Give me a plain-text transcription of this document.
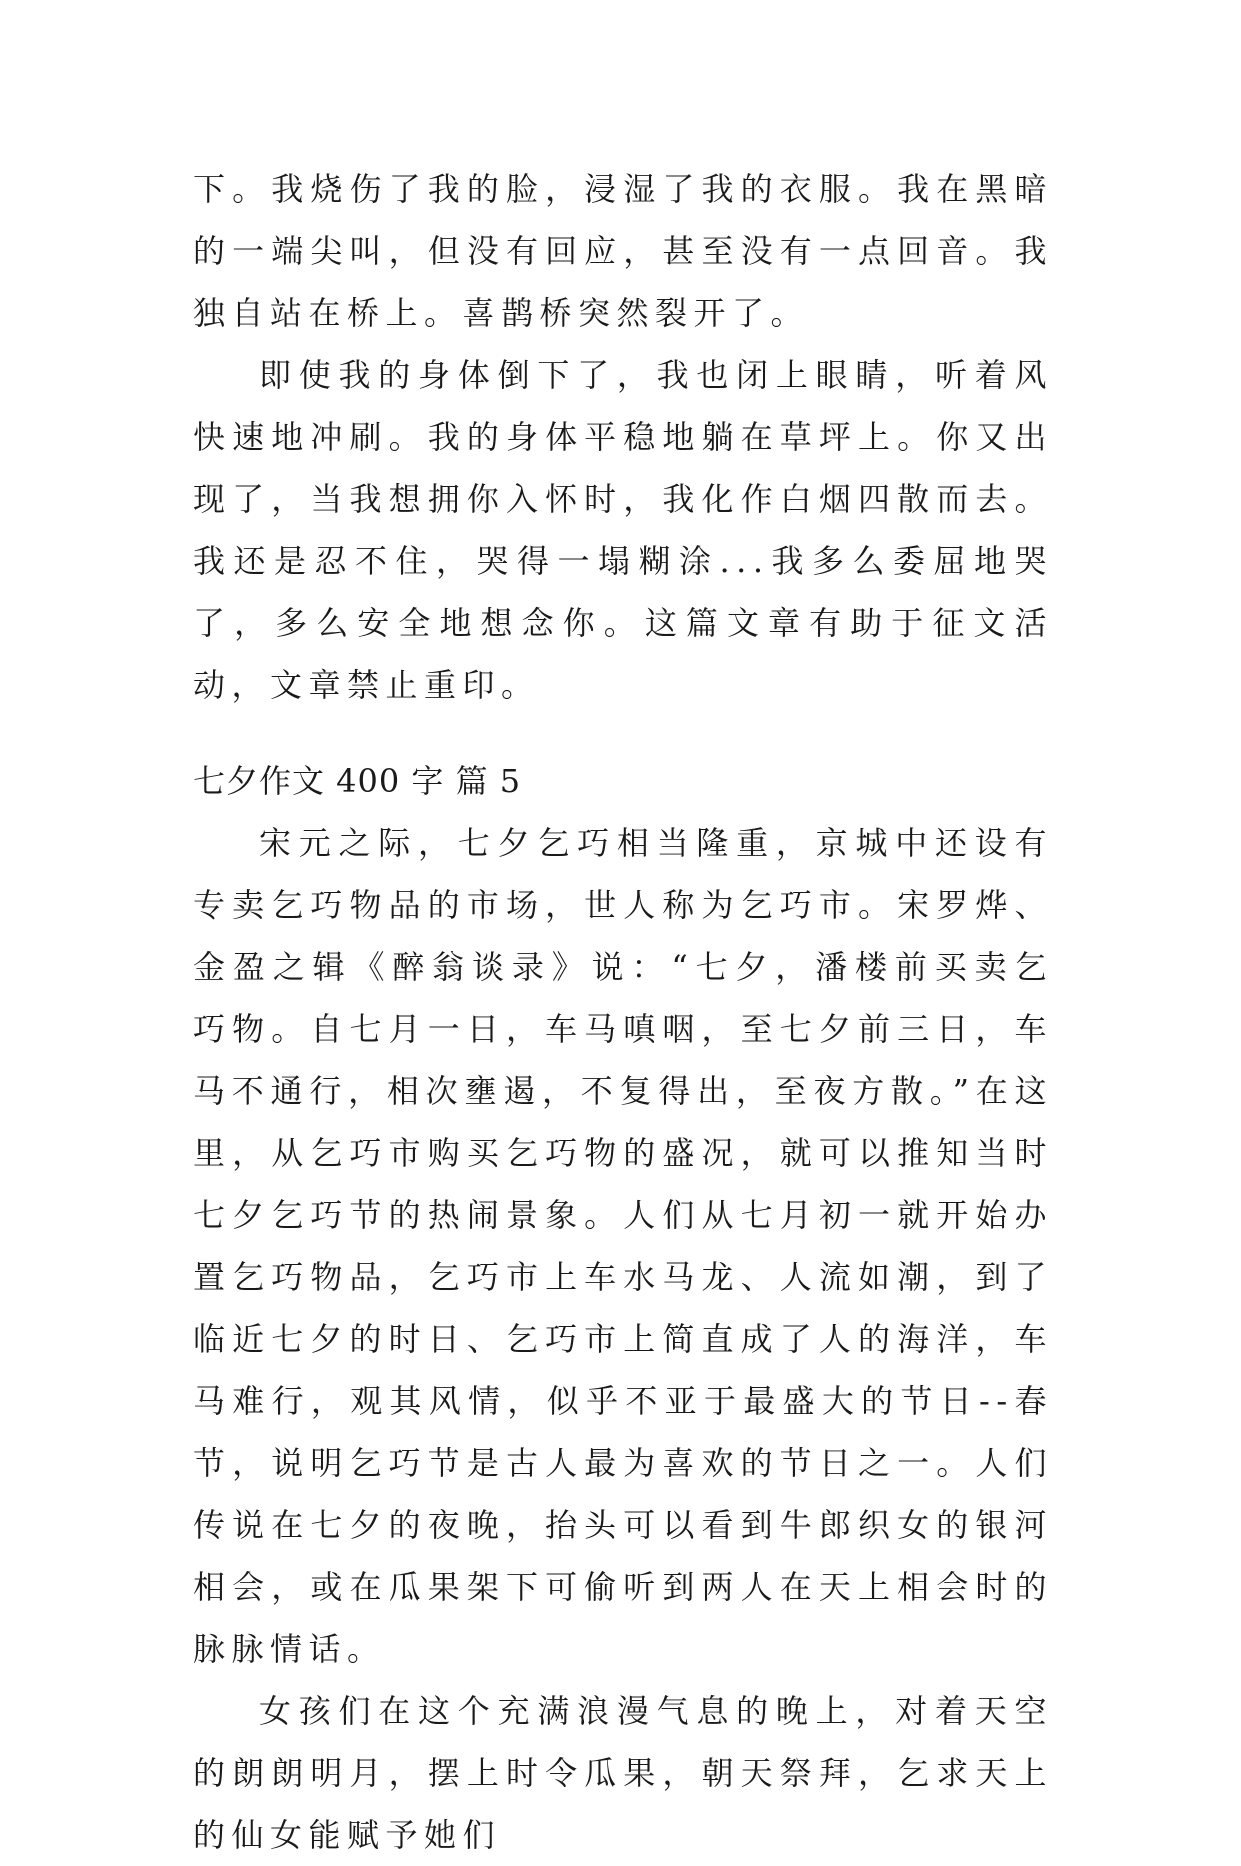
下。我烧伤了我的脸，浸湿了我的衣服。我在黑暗的一端尖叫，但没有回应，甚至没有一点回音。我独自站在桥上。喜鹊桥突然裂开了。

即使我的身体倒下了，我也闭上眼睛，听着风快速地冲刷。我的身体平稳地躺在草坪上。你又出现了，当我想拥你入怀时，我化作白烟四散而去。我还是忍不住，哭得一塌糊涂...我多么委屈地哭了，多么安全地想念你。这篇文章有助于征文活动，文章禁止重印。

七夕作文 400 字 篇 5

宋元之际，七夕乞巧相当隆重，京城中还设有专卖乞巧物品的市场，世人称为乞巧市。宋罗烨、金盈之辑《醉翁谈录》说：“七夕，潘楼前买卖乞巧物。自七月一日，车马嗔咽，至七夕前三日，车马不通行，相次壅遏，不复得出，至夜方散。”在这里，从乞巧市购买乞巧物的盛况，就可以推知当时七夕乞巧节的热闹景象。人们从七月初一就开始办置乞巧物品，乞巧市上车水马龙、人流如潮，到了临近七夕的时日、乞巧市上简直成了人的海洋，车马难行，观其风情，似乎不亚于最盛大的节日--春节，说明乞巧节是古人最为喜欢的节日之一。人们传说在七夕的夜晚，抬头可以看到牛郎织女的银河相会，或在瓜果架下可偷听到两人在天上相会时的脉脉情话。

女孩们在这个充满浪漫气息的晚上，对着天空的朗朗明月，摆上时令瓜果，朝天祭拜，乞求天上的仙女能赋予她们
